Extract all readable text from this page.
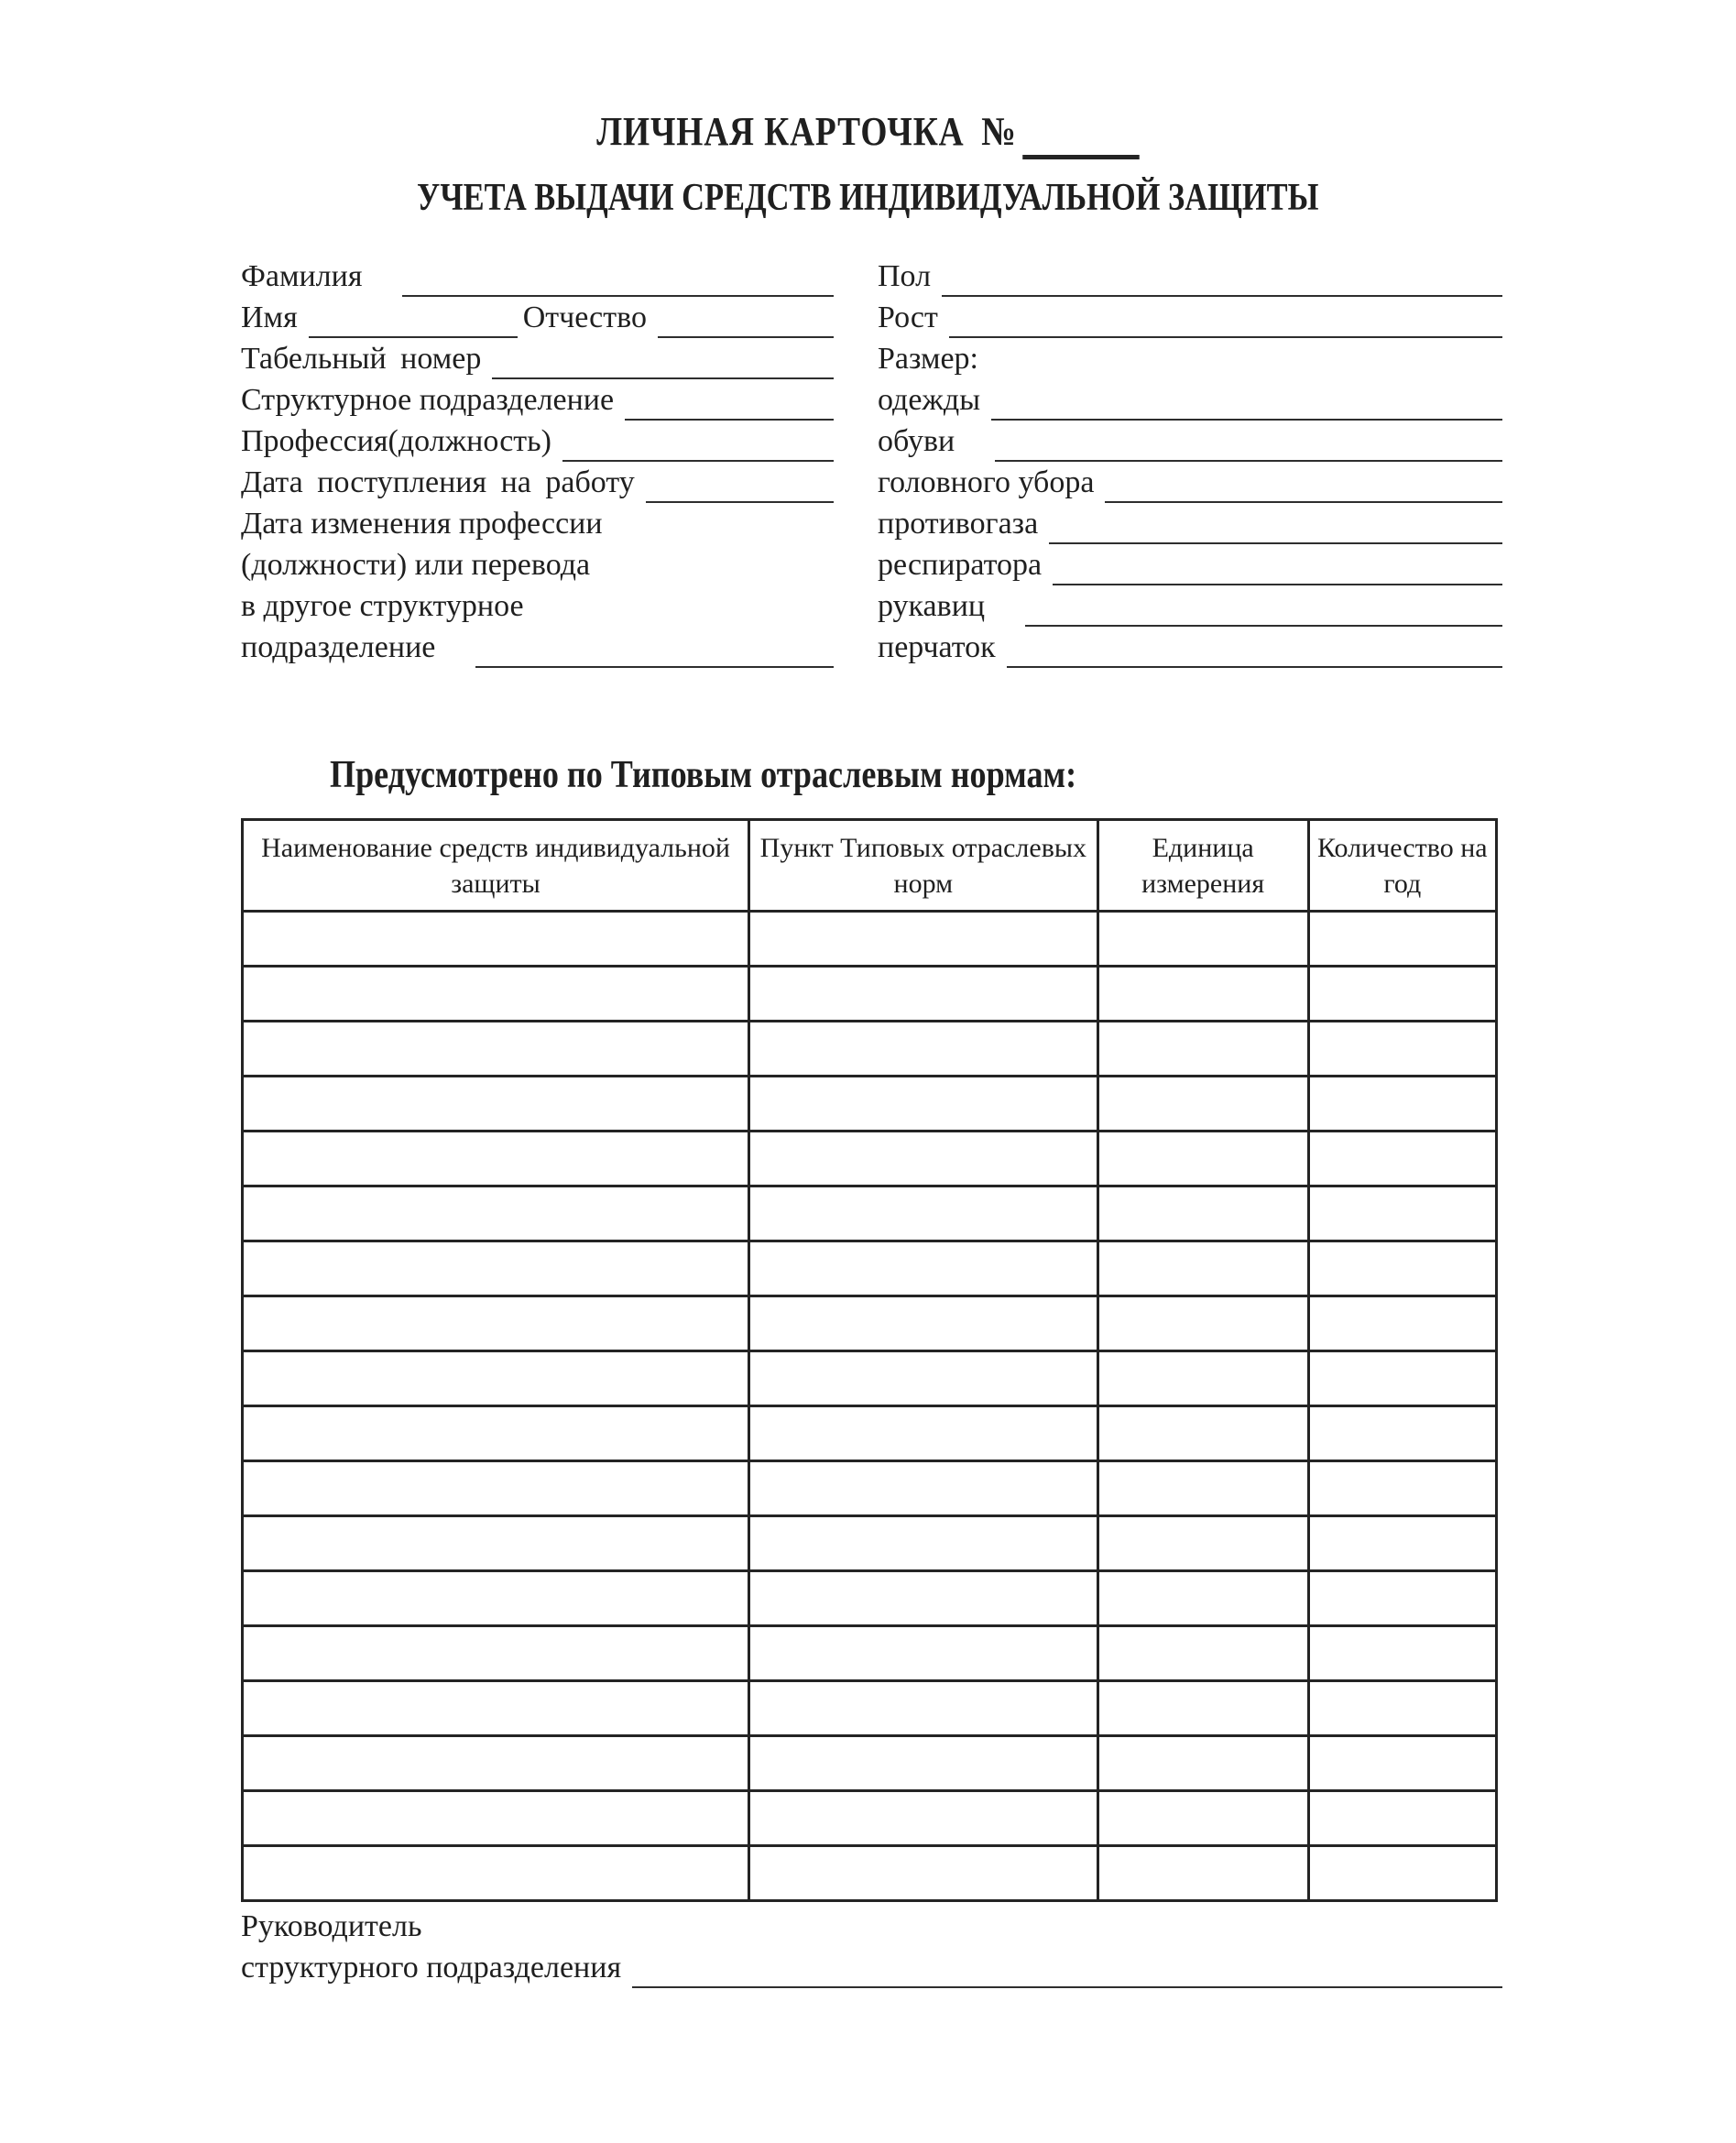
ЛИЧНАЯ КАРТОЧКА №
УЧЕТА ВЫДАЧИ СРЕДСТВ ИНДИВИДУАЛЬНОЙ ЗАЩИТЫ
Фамилия
Имя	Отчество
Табельный номер
Структурное подразделение
Профессия(должность)
Дата поступления на работу
Дата изменения профессии
(должности) или перевода
в другое структурное
подразделение
Пол
Рост
Размер:
одежды
обуви
головного убора
противогаза
респиратора
рукавиц
перчаток
Предусмотрено по Типовым отраслевым нормам:
Наименование средств индивидуальной защиты	Пункт Типовых отраслевых норм	Единица измерения	Количество на год

Руководитель
структурного подразделения
